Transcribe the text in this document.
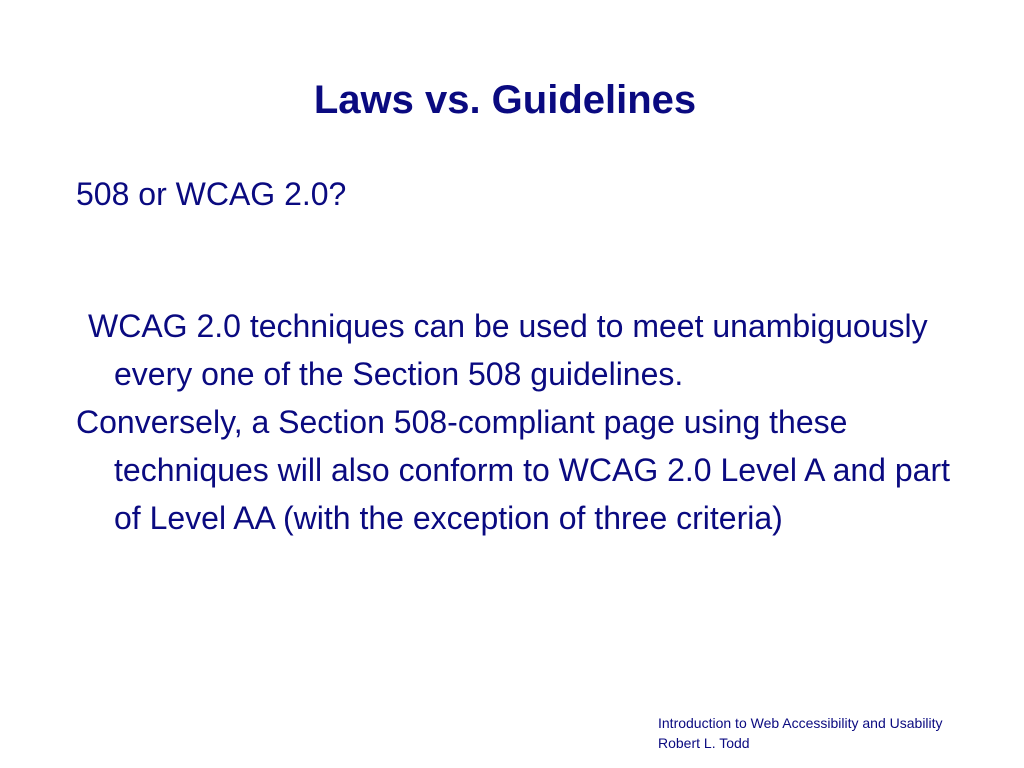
Laws vs. Guidelines

508 or WCAG 2.0?

WCAG 2.0 techniques can be used to meet unambiguously every one of the Section 508 guidelines.

Conversely, a Section 508-compliant page using these techniques will also conform to WCAG 2.0 Level A and part of Level AA (with the exception of three criteria)

Introduction to Web Accessibility and Usability
Robert L. Todd
